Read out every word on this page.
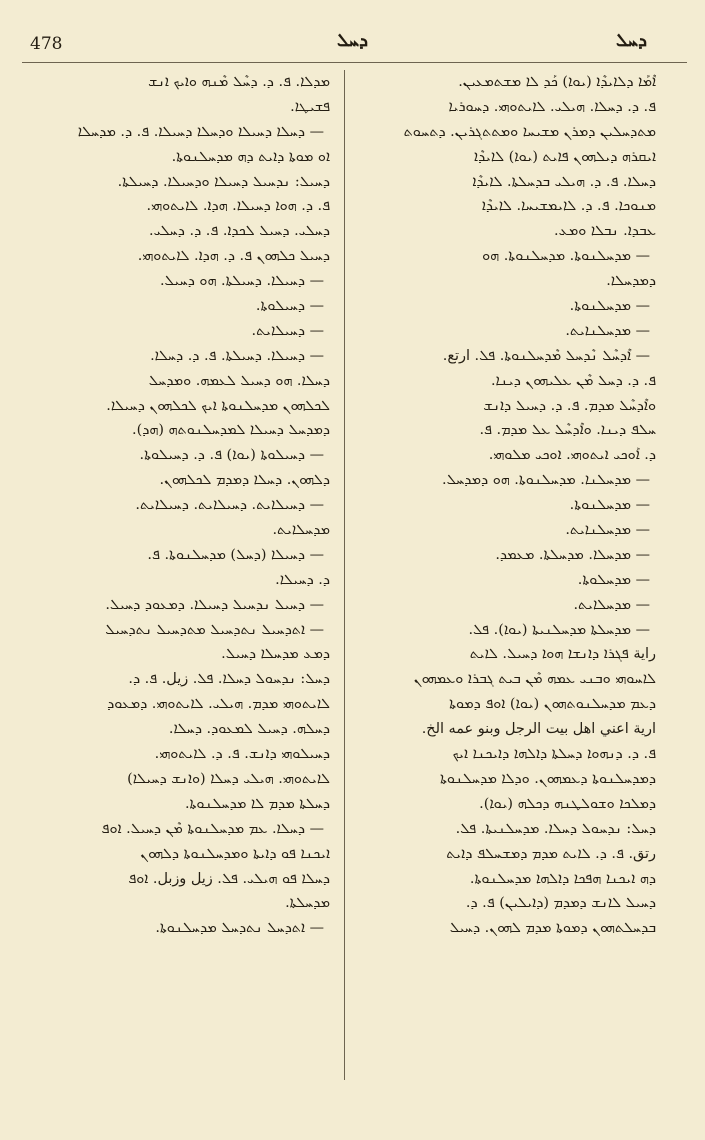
478	ܕܚܠ	ܕܚܠ
ܐܶܡܰܐ ܕܠܐܝܕܶܐ (ܝܘܐ) ܟܰܕ ܠܐ ܡܫܬܡܥܝܢ.
ܦ. ܕ. ܕܚܠܐ. ܗܝܠܝ. ܠܐܝܬܘܗܝ. ܕܚܘܪܝܐ
ܡܬܕܚܠܝܢ ܕܡܪܢ ܡܫܝܚܐ ܘܡܬܬܓܪܝܢ. ܕܬܚܘܬ
ܐܝܩܪܗ ܕܝܠܗܘܢ ܦܐܝܬ (ܝܘܐ) ܠܐܝܕܶܐ
ܕܚܠܐ. ܦ. ܕ. ܗܝܠܝ ܒܕܚܠܬܐ. ܠܐܝܕܶܐ
ܡܢܘܟܐ. ܦ. ܕ. ܠܐܝܡܫܝܚܐ. ܠܐܝܕܶܐ
ܥܒܕܐ. ܢܒܠܐ ܘܡܥ.
— ܡܕܚܠܢܘܬܐ. ܡܕܚܠܢܘܬܐ. ܗܘ
ܕܡܕܚܠܐ.
— ܡܕܚܠܢܘܬܐ.
— ܡܕܚܠܢܐܝܬ.
— ܐܶܕܚܶܠ ܢܶܕܚܠ ܡܶܕܚܠܢܘܬܐ. ܦܠ. ارتع.
ܦ. ܕ. ܕܚܠ ܡܶܢ ܥܠܝܗܘܢ ܕܝܢܐ.
ܘܐܶܕܚܶܠ ܡܕܡ. ܦ. ܕ. ܕܚܝܠ ܕܐܢܫ
ܚܠܦ ܕܝܢܐ. ܘܐܶܕܚܶܠ ܥܠ ܡܕܡ. ܦ.
ܕ. ܐܰܘܟܝ ܐܝܬܘܗܝ. ܐܘܟܝ ܡܠܘܗܝ.
— ܡܕܚܠܢܐ. ܡܕܚܠܢܘܬܐ. ܗܘ ܕܡܕܚܠ.
— ܡܕܚܠܢܘܬܐ.
— ܡܕܚܠܢܐܝܬ.
— ܡܕܚܠܐ. ܡܕܚܠܬܐ. ܡܥܡܕ.
— ܡܕܚܠܘܬܐ.
— ܡܕܚܠܐܝܬ.
— ܡܕܚܠܬܐ ܡܕܚܠܢܝܬܐ (ܝܘܐ). ܦܠ.
راية ܦܓܪܐ ܕܐܢܫܐ ܗܘܐ ܕܚܝܠ. ܠܐܝܬ
ܠܐܚܘܗܝ ܘܒܢܝ ܥܡܗ ܡܶܢ ܒܝܬ ܓܒܪܐ ܘܥܡܗܘܢ
ܕܥܡ ܡܕܚܠܢܘܬܗܘܢ (ܝܘܐ) ܐܘܦ ܕܡܘܬܐ
ارية اعني اهل بيت الرجل وبنو عمه الخ.
ܦ. ܕ. ܕܢܗܘܐ ܕܚܠܬܐ ܕܐܠܗܐ ܕܐܝܟܢܐ ܐܝܟ
ܕܡܕܚܠܢܘܬܐ ܕܥܡܗܘܢ. ܘܕܠܐ ܡܕܚܠܢܘܬܐ
ܕܡܠܟܐ ܘܫܘܠܛܢܗ ܕܟܠܗ (ܝܘܐ).
ܕܚܠ: ܢܕܚܘܠ ܕܚܠܐ. ܡܕܚܠܢܝܬܐ. ܦܠ.
رتق. ܦ. ܕ. ܠܐܝܬ ܡܕܡ ܕܡܫܚܠܦ ܕܐܝܬ
ܕܗ ܐܝܟܢܐ ܗܦܟܐ ܕܐܠܗܐ ܡܕܚܠܢܘܬܐ.
ܕܚܝܠ ܠܐܢܫ ܕܡܕܡ (ܕܐܝܠܝܢ) ܦ. ܕ.
ܒܕܚܠܬܗܘܢ ܕܡܘܬܐ ܡܕܡ ܠܗܘܢ. ܕܚܝܠ
ܡܕܠܐ. ܦ. ܕ. ܕܚܶܠ ܡܶܢܗ ܘܐܝܟ ܐܢܫ
ܦܫܝܛܐ.
— ܕܚܠܐ ܕܚܝܠܐ ܘܕܚܠܐ ܕܚܝܠܐ. ܦ. ܕ. ܡܕܚܠܐ
ܐܘ ܡܘܬܐ ܕܐܝܬ ܕܗ ܡܕܚܠܢܘܬܐ.
ܕܚܝܠ: ܢܕܚܝܠ ܕܚܝܠܐ ܘܕܚܝܠܐ. ܕܚܝܠܬܐ.
ܦ. ܕ. ܗܘܐ ܕܚܝܠܐ. ܗܕܐ. ܠܐܝܬܘܗܝ.
ܕܚܠܝ. ܕܚܝܠ ܠܟܕܐ. ܦ. ܕ. ܕܚܠܝ.
ܕܚܝܠ ܟܠܗܘܢ ܦ. ܕ. ܗܕܐ. ܠܐܝܬܘܗܝ.
— ܕܚܝܠܐ. ܕܚܝܠܬܐ. ܗܘ ܕܚܝܠ.
— ܕܚܝܠܘܬܐ.
— ܕܚܝܠܐܝܬ.
— ܕܚܝܠܐ. ܕܚܝܠܬܐ. ܦ. ܕ. ܕܚܠܐ.
ܕܚܠܐ. ܗܘ ܕܚܝܠ ܠܥܡܗ. ܘܡܕܚܠ
ܠܟܠܗܘܢ ܡܕܚܠܢܘܬܐ ܐܝܟ ܠܟܠܗܘܢ ܕܚܝܠܐ.
ܕܡܕܚܠ ܕܚܝܠܐ ܠܡܕܚܠܢܘܬܗ (ܗܕ).
— ܕܚܝܠܘܬܐ (ܝܘܐ) ܦ. ܕ. ܕܚܝܠܘܬܐ.
ܕܠܗܘܢ. ܕܚܠܐ ܕܡܕܡ ܠܟܠܗܘܢ.
— ܕܚܝܠܐܝܬ. ܕܚܝܠܐܝܬ. ܕܚܝܠܐܝܬ.
ܡܕܚܠܐܝܬ.
— ܕܚܝܠܐ (ܕܚܠ) ܡܕܚܠܢܘܬܐ. ܦ.
ܕ. ܕܚܝܠܐ.
— ܕܚܝܠ ܢܕܚܝܠ ܕܚܝܠܐ. ܕܡܥܘܕ ܕܚܝܠ.
— ܐܬܕܚܝܠ ܢܬܕܚܝܠ ܡܬܕܚܝܠ ܢܬܕܚܝܠ
ܕܡܥ ܡܕܚܠܐ ܕܚܝܠ.
ܕܚܠ: ܢܕܚܘܠ ܕܚܠܐ. ܦܠ. زيل. ܦ. ܕ.
ܠܐܝܬܘܗܝ ܡܕܡ. ܗܝܠܝ. ܠܐܝܬܘܗܝ. ܕܡܥܘܕ
ܕܚܠܗ. ܕܚܝܠ ܠܡܥܘܕ. ܕܚܠܐ.
ܕܚܝܠܘܗܝ ܕܐܢܫ. ܦ. ܕ. ܠܐܝܬܘܗܝ.
ܠܐܝܬܘܗܝ. ܗܝܠܝ ܕܚܠܐ (ܘܐܢܫ ܕܚܝܠܐ)
ܕܚܠܬܐ ܡܕܡ ܠܐ ܡܕܚܠܢܘܬܐ.
— ܕܚܠܐ. ܥܡ ܡܕܚܠܢܘܬܐ ܡܶܢ ܕܚܝܠ. ܐܘܦ
ܐܝܟܢܐ ܦܘ ܕܐܝܬܐ ܘܡܕܚܠܢܘܬܐ ܕܠܗܘܢ
ܕܚܠܐ ܦܘ ܗܝܠܝ. ܦܠ. زيل وزبل. ܐܘܦ
ܡܕܚܠܬܐ.
— ܐܬܕܚܠ ܢܬܕܚܠ ܡܕܚܠܢܘܬܐ.
